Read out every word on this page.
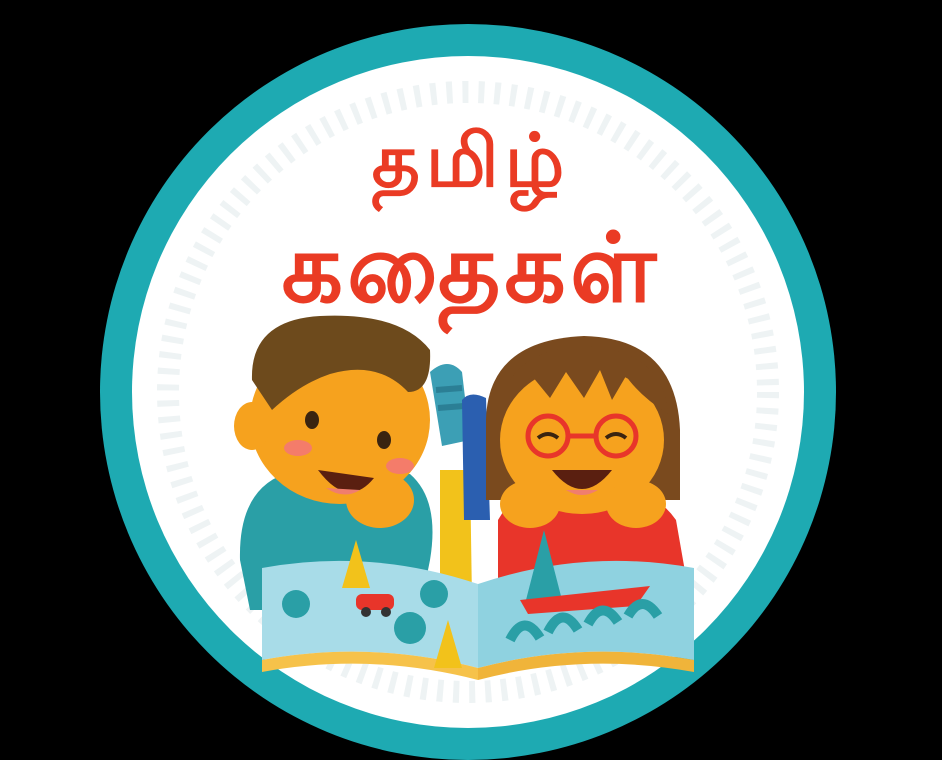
தமிழ்
கதைகள்
